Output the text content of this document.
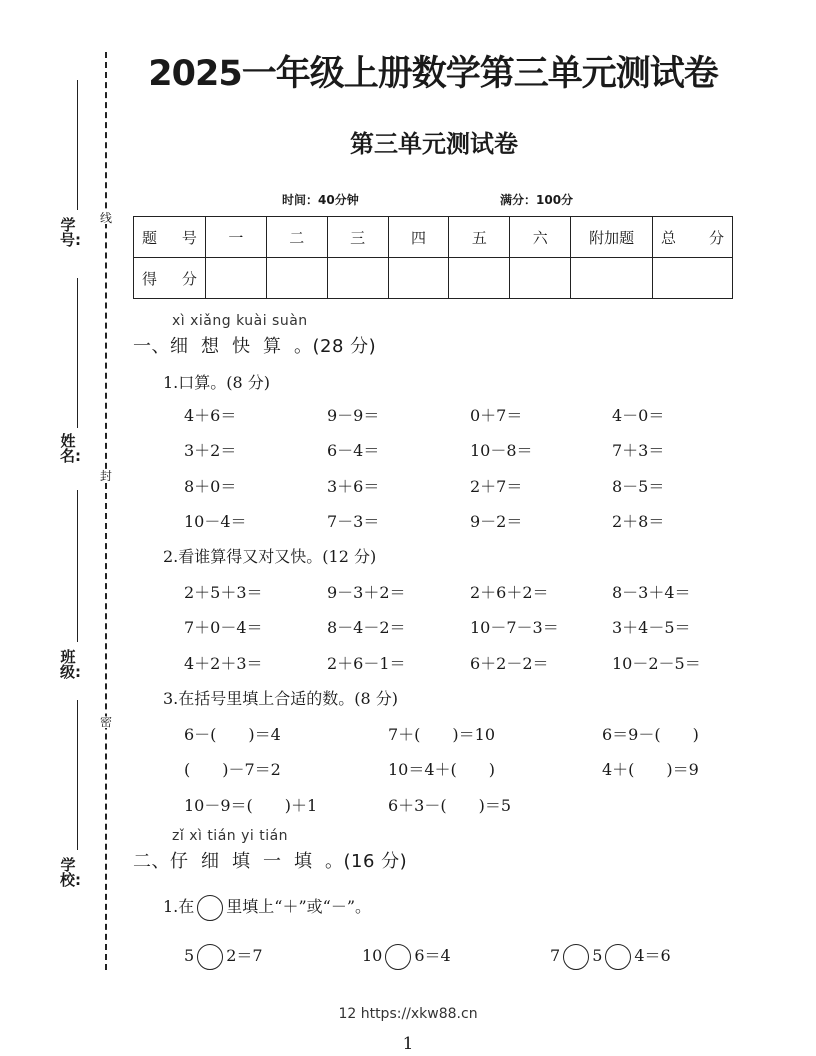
学 号:
姓 名:
班 级:
学 校:
线
封
密
2025一年级上册数学第三单元测试卷
第三单元测试卷
时间：40分钟	满分：100分
题　号	一	二	三	四	五	六	附加题	总　分
得　分								
xì xiǎng kuài suàn
一、细想快算。(28 分)
1.口算。(8 分)
4＋6＝	9－9＝	0＋7＝	4－0＝
3＋2＝	6－4＝	10－8＝	7＋3＝
8＋0＝	3＋6＝	2＋7＝	8－5＝
10－4＝	7－3＝	9－2＝	2＋8＝
2.看谁算得又对又快。(12 分)
2＋5＋3＝	9－3＋2＝	2＋6＋2＝	8－3＋4＝
7＋0－4＝	8－4－2＝	10－7－3＝	3＋4－5＝
4＋2＋3＝	2＋6－1＝	6＋2－2＝	10－2－5＝
3.在括号里填上合适的数。(8 分)
6－(　　)＝4	7＋(　　)＝10	6＝9－(　　)
(　　)－7＝2	10＝4＋(　　)	4＋(　　)＝9
10－9＝(　　)＋1	6＋3－(　　)＝5
zǐ xì tián yi tián
二、仔细填一填。(16 分)
1.在 里填上“＋”或“－”。
5 2＝7	10 6＝4	7 5 4＝6
12 https://xkw88.cn
1
